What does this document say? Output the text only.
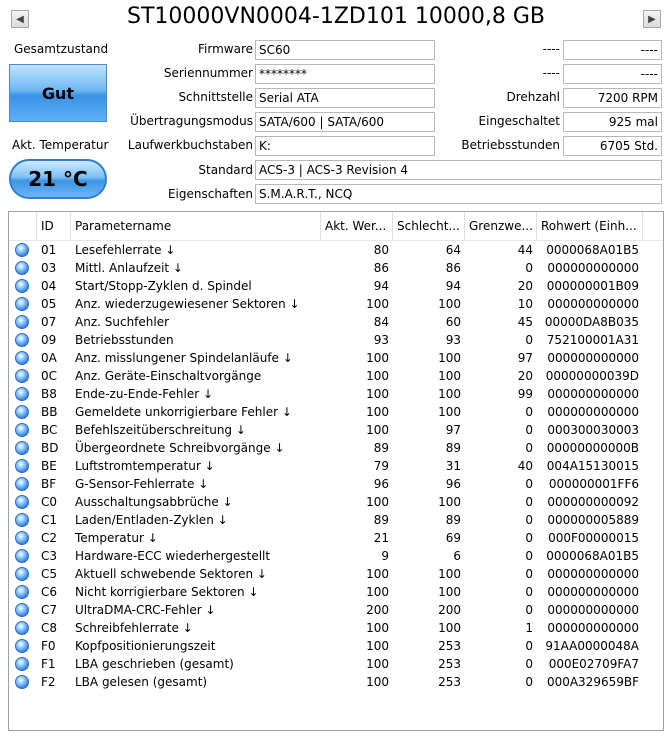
◀	ST10000VN0004-1ZD101 10000,8 GB	▶
Gesamtzustand
Gut
Akt. Temperatur
21 °C
Firmware SC60
Seriennummer ********
Schnittstelle Serial ATA
Übertragungsmodus SATA/600 | SATA/600
Laufwerkbuchstaben K:
----	----
----	----
Drehzahl	7200 RPM
Eingeschaltet	925 mal
Betriebsstunden	6705 Std.
Standard ACS-3 | ACS-3 Revision 4
Eigenschaften S.M.A.R.T., NCQ
ID	Parametername	Akt. Wer... Schlecht... Grenzwe... Rohwert (Einh...
01	Lesefehlerrate ↓	80	64	44	0000068A01B5
03	Mittl. Anlaufzeit ↓	86	86	0	000000000000
04	Start/Stopp-Zyklen d. Spindel	94	94	20	000000001B09
05	Anz. wiederzugewiesener Sektoren ↓	100	100	10	000000000000
07	Anz. Suchfehler	84	60	45 00000DA8B035
09	Betriebsstunden	93	93	0	752100001A31
0A	Anz. misslungener Spindelanläufe ↓	100	100	97	000000000000
0C	Anz. Geräte-Einschaltvorgänge	100	100	20	00000000039D
B8	Ende-zu-Ende-Fehler ↓	100	100	99	000000000000
BB	Gemeldete unkorrigierbare Fehler ↓	100	100	0	000000000000
BC	Befehlszeitüberschreitung ↓	100	97	0	000300030003
BD	Übergeordnete Schreibvorgänge ↓	89	89	0	00000000000B
BE	Luftstromtemperatur ↓	79	31	40	004A15130015
BF	G-Sensor-Fehlerrate ↓	96	96	0	000000001FF6
C0	Ausschaltungsabbrüche ↓	100	100	0	000000000092
C1	Laden/Entladen-Zyklen ↓	89	89	0	000000005889
C2	Temperatur ↓	21	69	0	000F00000015
C3	Hardware-ECC wiederhergestellt	9	6	0	0000068A01B5
C5	Aktuell schwebende Sektoren ↓	100	100	0	000000000000
C6	Nicht korrigierbare Sektoren ↓	100	100	0	000000000000
C7	UltraDMA-CRC-Fehler ↓	200	200	0	000000000000
C8	Schreibfehlerrate ↓	100	100	1	000000000000
F0	Kopfpositionierungszeit	100	253	0	91AA0000048A
F1	LBA geschrieben (gesamt)	100	253	0	000E02709FA7
F2	LBA gelesen (gesamt)	100	253	0	000A329659BF
